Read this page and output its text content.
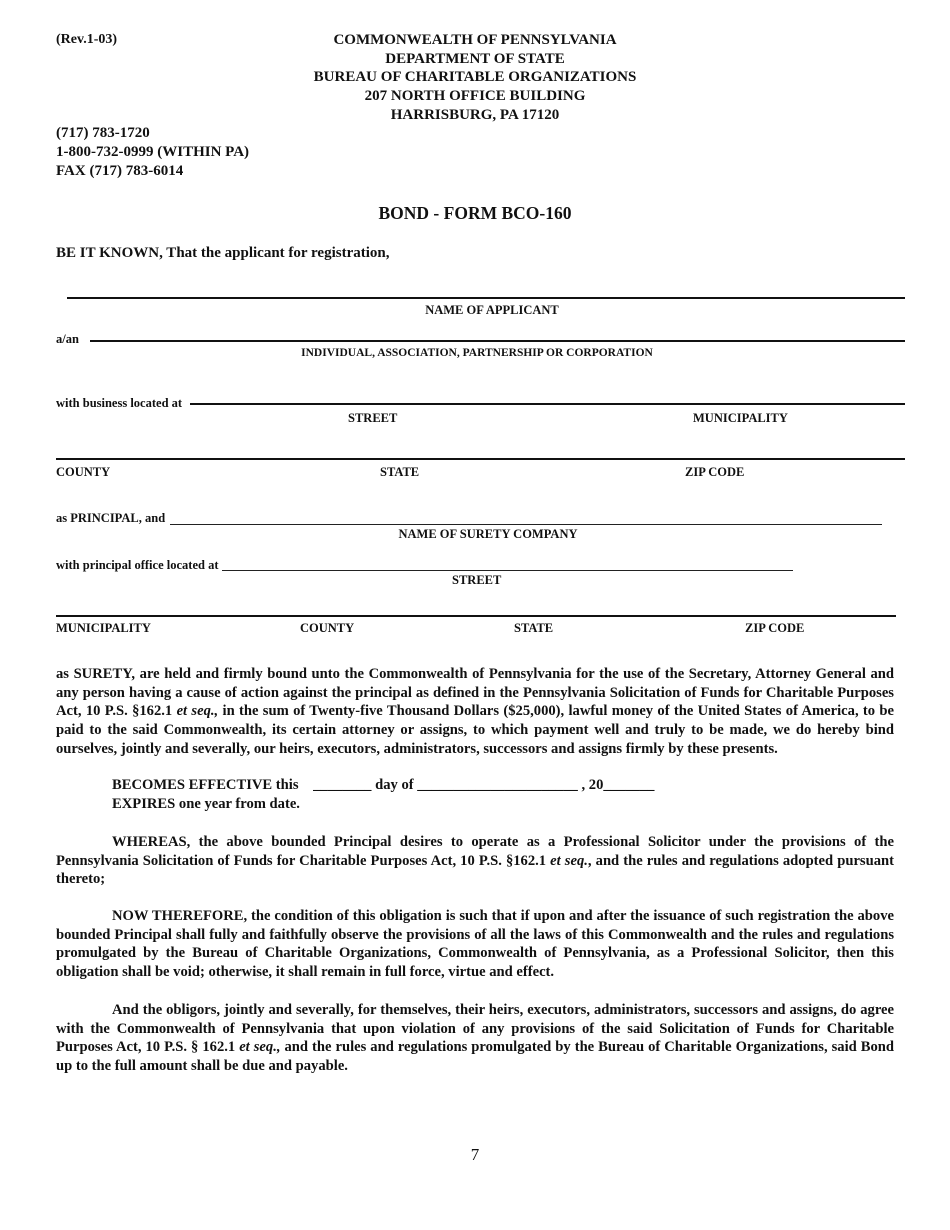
(Rev.1-03)	COMMONWEALTH OF PENNSYLVANIA
DEPARTMENT OF STATE
BUREAU OF CHARITABLE ORGANIZATIONS
207 NORTH OFFICE BUILDING
HARRISBURG, PA 17120
(717) 783-1720
1-800-732-0999 (WITHIN PA)
FAX (717) 783-6014
BOND - FORM BCO-160
BE IT KNOWN, That the applicant for registration,
NAME OF APPLICANT
a/an
INDIVIDUAL, ASSOCIATION, PARTNERSHIP OR CORPORATION
with business located at
STREET	MUNICIPALITY
COUNTY	STATE	ZIP CODE
as PRINCIPAL, and
NAME OF SURETY COMPANY
with principal office located at
STREET
MUNICIPALITY	COUNTY	STATE	ZIP CODE
as SURETY, are held and firmly bound unto the Commonwealth of Pennsylvania for the use of the Secretary, Attorney General and any person having a cause of action against the principal as defined in the Pennsylvania Solicitation of Funds for Charitable Purposes Act, 10 P.S. §162.1 et seq., in the sum of Twenty-five Thousand Dollars ($25,000), lawful money of the United States of America, to be paid to the said Commonwealth, its certain attorney or assigns, to which payment well and truly to be made, we do hereby bind ourselves, jointly and severally, our heirs, executors, administrators, successors and assigns firmly by these presents.
BECOMES EFFECTIVE this    ________ day of ______________________ , 20_______
EXPIRES one year from date.
WHEREAS, the above bounded Principal desires to operate as a Professional Solicitor under the provisions of the Pennsylvania Solicitation of Funds for Charitable Purposes Act, 10 P.S. §162.1 et seq., and the rules and regulations adopted pursuant thereto;
NOW THEREFORE, the condition of this obligation is such that if upon and after the issuance of such registration the above bounded Principal shall fully and faithfully observe the provisions of all the laws of this Commonwealth and the rules and regulations promulgated by the Bureau of Charitable Organizations, Commonwealth of Pennsylvania, as a Professional Solicitor, then this obligation shall be void; otherwise, it shall remain in full force, virtue and effect.
And the obligors, jointly and severally, for themselves, their heirs, executors, administrators, successors and assigns, do agree with the Commonwealth of Pennsylvania that upon violation of any provisions of the said Solicitation of Funds for Charitable Purposes Act, 10 P.S. § 162.1 et seq., and the rules and regulations promulgated by the Bureau of Charitable Organizations, said Bond up to the full amount shall be due and payable.
7
